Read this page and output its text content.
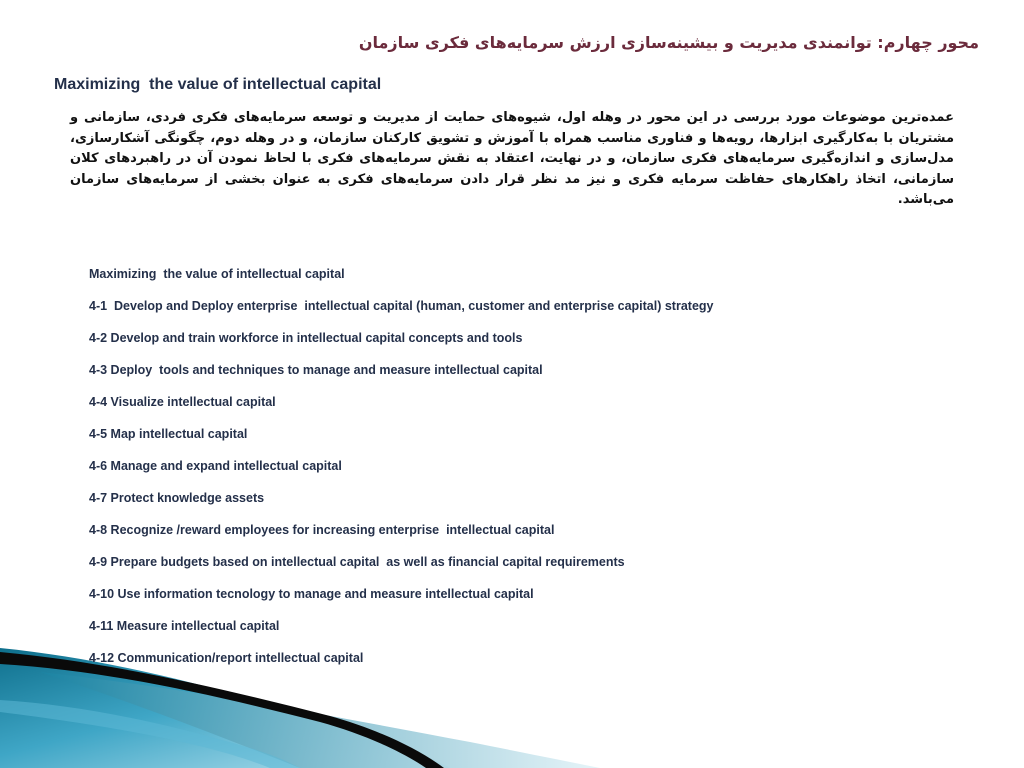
محور چهارم: توانمندی مدیریت و بیشینه‌سازی ارزش سرمایه‌های فکری سازمان

Maximizing  the value of intellectual capital

عمده‌ترین موضوعات مورد بررسی در این محور در وهله اول، شیوه‌های حمایت از مدیریت و توسعه سرمایه‌های فکری فردی، سازمانی و مشتریان با به‌کارگیری ابزارها، رویه‌ها و فناوری مناسب همراه با آموزش و تشویق کارکنان سازمان، و در وهله دوم، چگونگی آشکارسازی، مدل‌سازی و اندازه‌گیری سرمایه‌های فکری سازمان، و در نهایت، اعتقاد به نقش سرمایه‌های فکری با لحاظ نمودن آن در راهبردهای کلان سازمانی، اتخاذ راهکارهای حفاظت سرمایه فکری و نیز مد نظر قرار دادن سرمایه‌های فکری به عنوان بخشی از سرمایه‌های سازمان می‌باشد.

Maximizing  the value of intellectual capital
4-1  Develop and Deploy enterprise  intellectual capital (human, customer and enterprise capital) strategy
4-2 Develop and train workforce in intellectual capital concepts and tools
4-3 Deploy  tools and techniques to manage and measure intellectual capital
4-4 Visualize intellectual capital
4-5 Map intellectual capital
4-6 Manage and expand intellectual capital
4-7 Protect knowledge assets
4-8 Recognize /reward employees for increasing enterprise  intellectual capital
4-9 Prepare budgets based on intellectual capital  as well as financial capital requirements
4-10 Use information tecnology to manage and measure intellectual capital
4-11 Measure intellectual capital
4-12 Communication/report intellectual capital
